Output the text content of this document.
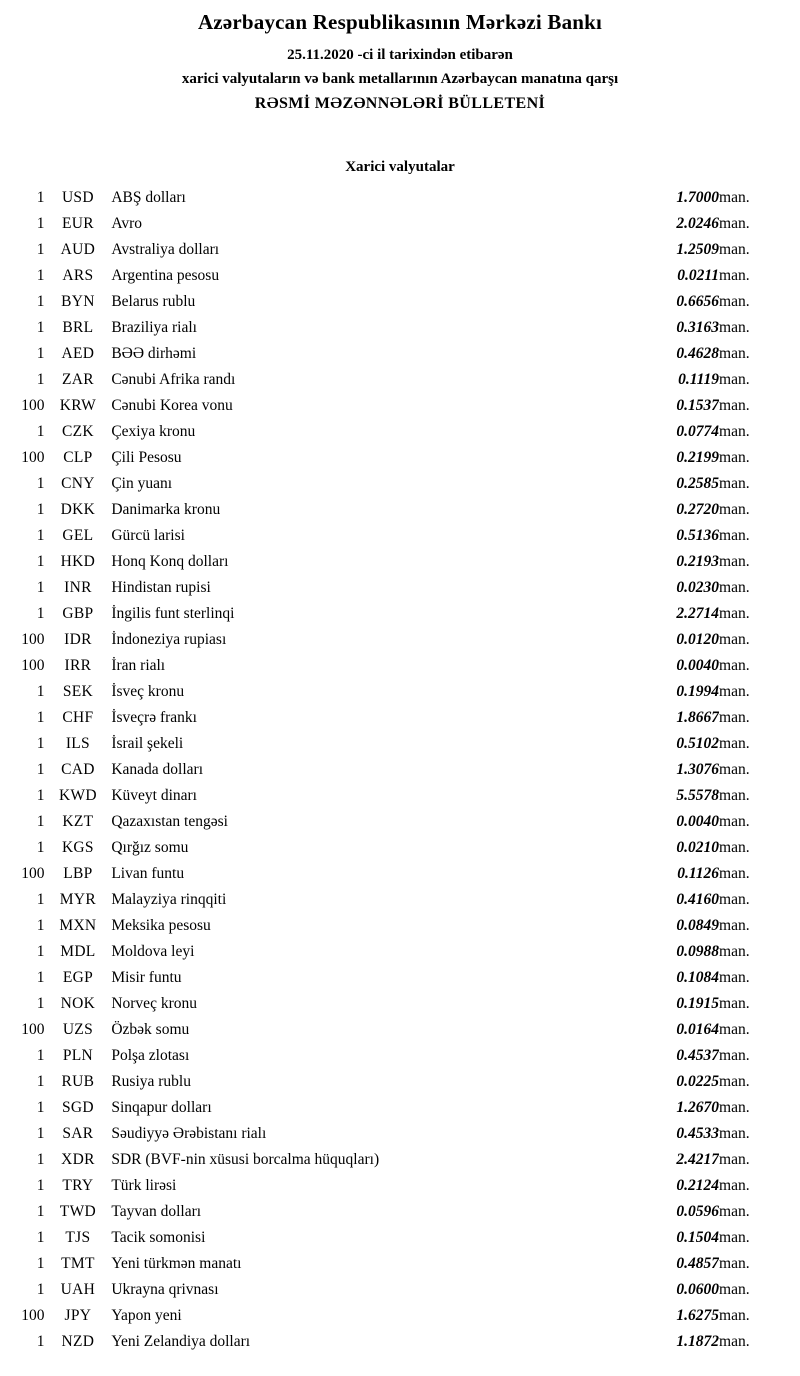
Azərbaycan Respublikasının Mərkəzi Bankı
25.11.2020 -ci il tarixindən etibarən
xarici valyutaların və bank metallarının Azərbaycan manatına qarşı
RƏSMİ MƏZƏNNƏLƏRİ BÜLLETENİ
Xarici valyutalar
1	USD	ABŞ dolları	1.7000	man.
1	EUR	Avro	2.0246	man.
1	AUD	Avstraliya dolları	1.2509	man.
1	ARS	Argentina pesosu	0.0211	man.
1	BYN	Belarus rublu	0.6656	man.
1	BRL	Braziliya rialı	0.3163	man.
1	AED	BƏƏ dirhəmi	0.4628	man.
1	ZAR	Cənubi Afrika randı	0.1119	man.
100	KRW	Cənubi Korea vonu	0.1537	man.
1	CZK	Çexiya kronu	0.0774	man.
100	CLP	Çili Pesosu	0.2199	man.
1	CNY	Çin yuanı	0.2585	man.
1	DKK	Danimarka kronu	0.2720	man.
1	GEL	Gürcü larisi	0.5136	man.
1	HKD	Honq Konq dolları	0.2193	man.
1	INR	Hindistan rupisi	0.0230	man.
1	GBP	İngilis funt sterlinqi	2.2714	man.
100	IDR	İndoneziya rupiası	0.0120	man.
100	IRR	İran rialı	0.0040	man.
1	SEK	İsveç kronu	0.1994	man.
1	CHF	İsveçrə frankı	1.8667	man.
1	ILS	İsrail şekeli	0.5102	man.
1	CAD	Kanada dolları	1.3076	man.
1	KWD	Küveyt dinarı	5.5578	man.
1	KZT	Qazaxıstan tengəsi	0.0040	man.
1	KGS	Qırğız somu	0.0210	man.
100	LBP	Livan funtu	0.1126	man.
1	MYR	Malayziya rinqqiti	0.4160	man.
1	MXN	Meksika pesosu	0.0849	man.
1	MDL	Moldova leyi	0.0988	man.
1	EGP	Misir funtu	0.1084	man.
1	NOK	Norveç kronu	0.1915	man.
100	UZS	Özbək somu	0.0164	man.
1	PLN	Polşa zlotası	0.4537	man.
1	RUB	Rusiya rublu	0.0225	man.
1	SGD	Sinqapur dolları	1.2670	man.
1	SAR	Səudiyyə Ərəbistanı rialı	0.4533	man.
1	XDR	SDR (BVF-nin xüsusi borcalma hüquqları)	2.4217	man.
1	TRY	Türk lirəsi	0.2124	man.
1	TWD	Tayvan dolları	0.0596	man.
1	TJS	Tacik somonisi	0.1504	man.
1	TMT	Yeni türkmən manatı	0.4857	man.
1	UAH	Ukrayna qrivnası	0.0600	man.
100	JPY	Yapon yeni	1.6275	man.
1	NZD	Yeni Zelandiya dolları	1.1872	man.
